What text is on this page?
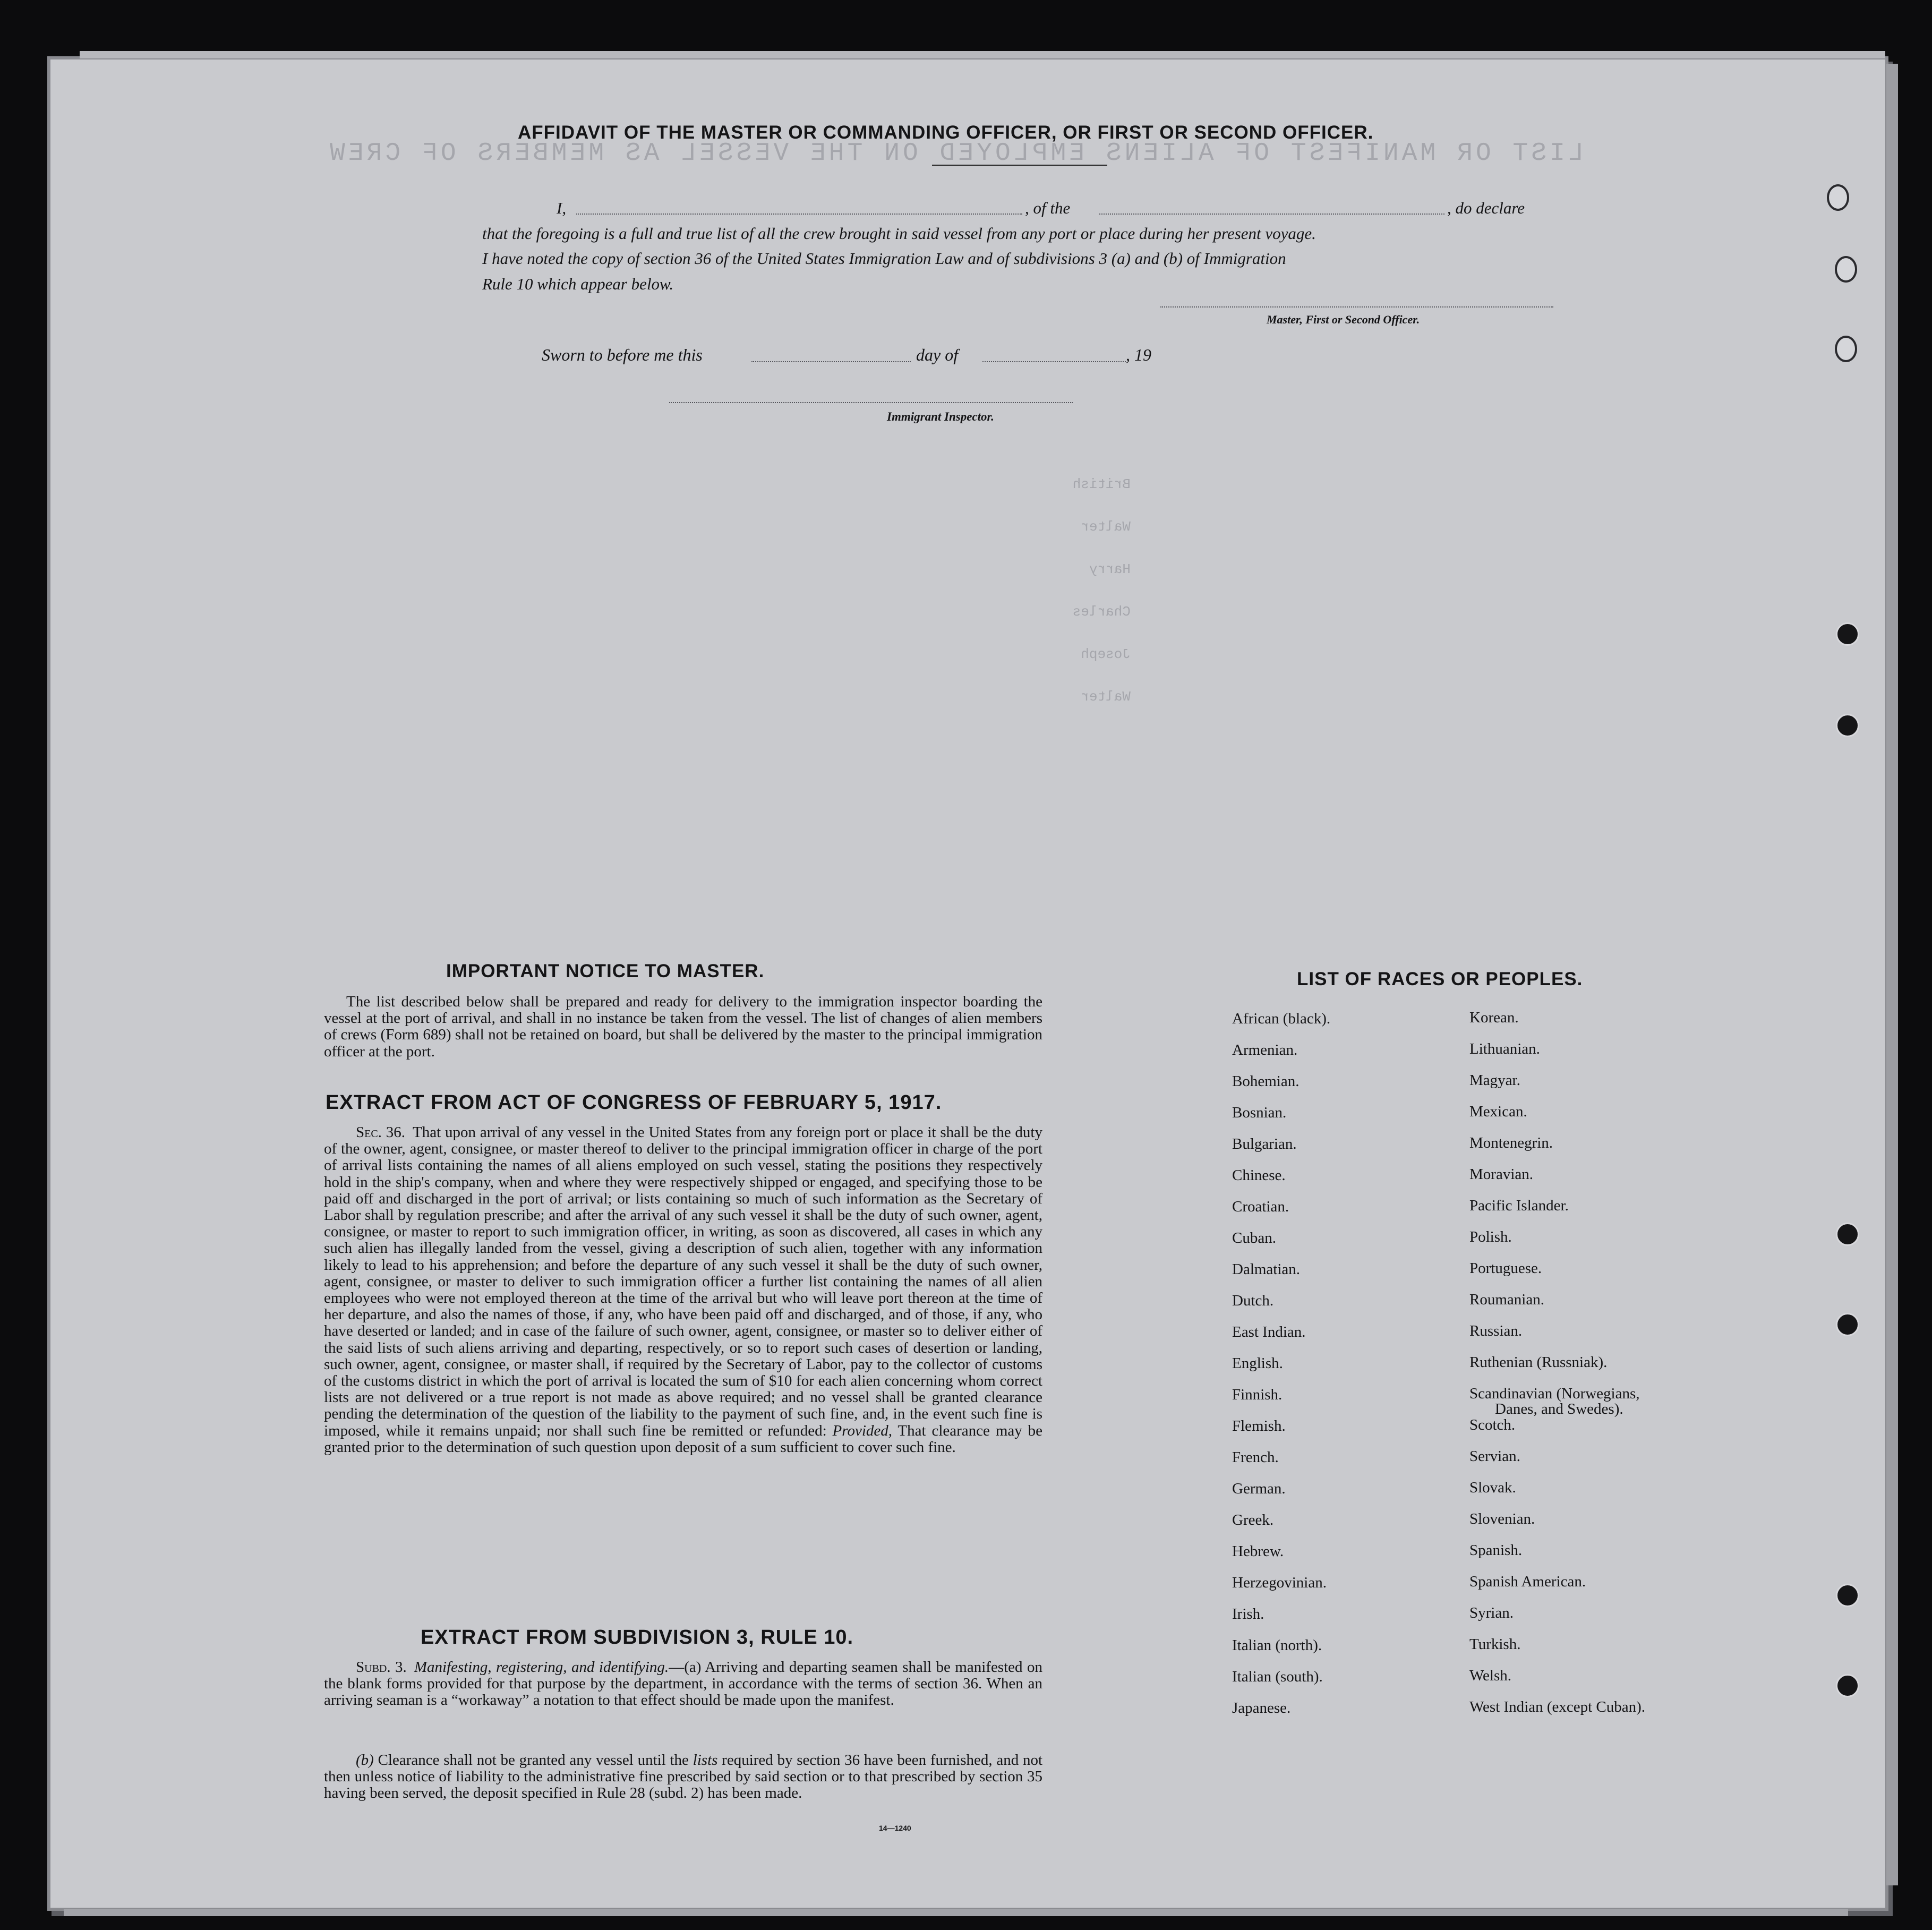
LIST OR MANIFEST OF ALIENS EMPLOYED ON THE VESSEL AS MEMBERS OF CREW
British
Walter
Harry
Charles
Joseph
Walter
AFFIDAVIT OF THE MASTER OR COMMANDING OFFICER, OR FIRST OR SECOND OFFICER.
I,	, of the	, do declare
that the foregoing is a full and true list of all the crew brought in said vessel from any port or place during her present voyage.
I have noted the copy of section 36 of the United States Immigration Law and of subdivisions 3 (a) and (b) of Immigration
Rule 10 which appear below.
Master, First or Second Officer.
Sworn to before me this	day of	, 19
Immigrant Inspector.
IMPORTANT NOTICE TO MASTER.
The list described below shall be prepared and ready for delivery to the immigration inspector boarding the vessel at the port of arrival, and shall in no instance be taken from the vessel. The list of changes of alien members of crews (Form 689) shall not be retained on board, but shall be delivered by the master to the principal immigration officer at the port.
EXTRACT FROM ACT OF CONGRESS OF FEBRUARY 5, 1917.
Sec. 36. That upon arrival of any vessel in the United States from any foreign port or place it shall be the duty of the owner, agent, consignee, or master thereof to deliver to the principal immigration officer in charge of the port of arrival lists containing the names of all aliens employed on such vessel, stating the positions they respectively hold in the ship's company, when and where they were respectively shipped or engaged, and specifying those to be paid off and discharged in the port of arrival; or lists containing so much of such information as the Secretary of Labor shall by regulation prescribe; and after the arrival of any such vessel it shall be the duty of such owner, agent, consignee, or master to report to such immigration officer, in writing, as soon as discovered, all cases in which any such alien has illegally landed from the vessel, giving a description of such alien, together with any information likely to lead to his apprehension; and before the departure of any such vessel it shall be the duty of such owner, agent, consignee, or master to deliver to such immigration officer a further list containing the names of all alien employees who were not employed thereon at the time of the arrival but who will leave port thereon at the time of her departure, and also the names of those, if any, who have been paid off and discharged, and of those, if any, who have deserted or landed; and in case of the failure of such owner, agent, consignee, or master so to deliver either of the said lists of such aliens arriving and departing, respectively, or so to report such cases of desertion or landing, such owner, agent, consignee, or master shall, if required by the Secretary of Labor, pay to the collector of customs of the customs district in which the port of arrival is located the sum of $10 for each alien concerning whom correct lists are not delivered or a true report is not made as above required; and no vessel shall be granted clearance pending the determination of the question of the liability to the payment of such fine, and, in the event such fine is imposed, while it remains unpaid; nor shall such fine be remitted or refunded: Provided, That clearance may be granted prior to the determination of such question upon deposit of a sum sufficient to cover such fine.
EXTRACT FROM SUBDIVISION 3, RULE 10.
Subd. 3. Manifesting, registering, and identifying.—(a) Arriving and departing seamen shall be manifested on the blank forms provided for that purpose by the department, in accordance with the terms of section 36. When an arriving seaman is a “workaway” a notation to that effect should be made upon the manifest.
(b) Clearance shall not be granted any vessel until the lists required by section 36 have been furnished, and not then unless notice of liability to the administrative fine prescribed by said section or to that prescribed by section 35 having been served, the deposit specified in Rule 28 (subd. 2) has been made.
14—1240
LIST OF RACES OR PEOPLES.
African (black).
Armenian.
Bohemian.
Bosnian.
Bulgarian.
Chinese.
Croatian.
Cuban.
Dalmatian.
Dutch.
East Indian.
English.
Finnish.
Flemish.
French.
German.
Greek.
Hebrew.
Herzegovinian.
Irish.
Italian (north).
Italian (south).
Japanese.
Korean.
Lithuanian.
Magyar.
Mexican.
Montenegrin.
Moravian.
Pacific Islander.
Polish.
Portuguese.
Roumanian.
Russian.
Ruthenian (Russniak).
Scandinavian (Norwegians,
Scotch.
Servian.
Slovak.
Slovenian.
Spanish.
Spanish American.
Syrian.
Turkish.
Welsh.
West Indian (except Cuban).
Danes, and Swedes).
